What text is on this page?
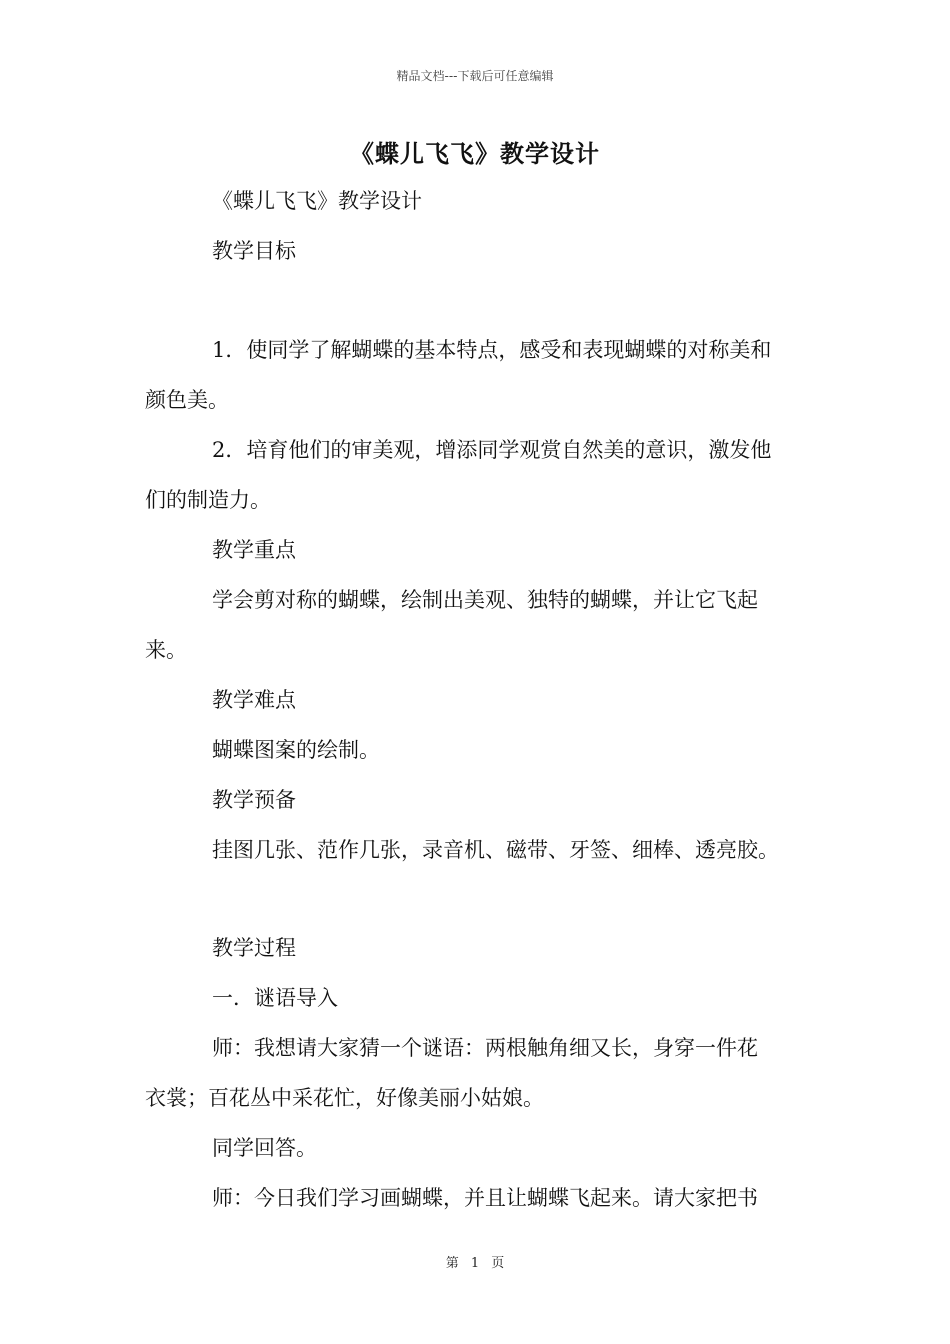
精品文档---下载后可任意编辑
《蝶儿飞飞》教学设计
《蝶儿飞飞》教学设计
教学目标
1．使同学了解蝴蝶的基本特点，感受和表现蝴蝶的对称美和
颜色美。
2．培育他们的审美观，增添同学观赏自然美的意识，激发他
们的制造力。
教学重点
学会剪对称的蝴蝶，绘制出美观、独特的蝴蝶，并让它飞起
来。
教学难点
蝴蝶图案的绘制。
教学预备
挂图几张、范作几张，录音机、磁带、牙签、细棒、透亮胶。
教学过程
一．谜语导入
师：我想请大家猜一个谜语：两根触角细又长，身穿一件花
衣裳；百花丛中采花忙，好像美丽小姑娘。
同学回答。
师：今日我们学习画蝴蝶，并且让蝴蝶飞起来。请大家把书
第 1 页
